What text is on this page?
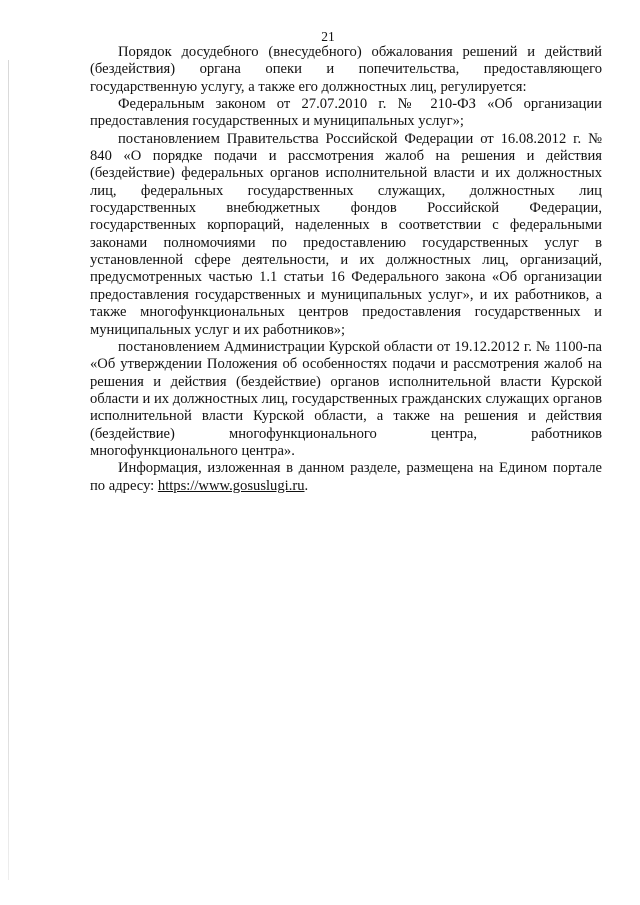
21

Порядок досудебного (внесудебного) обжалования решений и действий (бездействия) органа опеки и попечительства, предоставляющего государственную услугу, а также его должностных лиц, регулируется:

Федеральным законом от 27.07.2010 г. № 210-ФЗ «Об организации предоставления государственных и муниципальных услуг»;

постановлением Правительства Российской Федерации от 16.08.2012 г. № 840 «О порядке подачи и рассмотрения жалоб на решения и действия (бездействие) федеральных органов исполнительной власти и их должностных лиц, федеральных государственных служащих, должностных лиц государственных внебюджетных фондов Российской Федерации, государственных корпораций, наделенных в соответствии с федеральными законами полномочиями по предоставлению государственных услуг в установленной сфере деятельности, и их должностных лиц, организаций, предусмотренных частью 1.1 статьи 16 Федерального закона «Об организации предоставления государственных и муниципальных услуг», и их работников, а также многофункциональных центров предоставления государственных и муниципальных услуг и их работников»;

постановлением Администрации Курской области от 19.12.2012 г. № 1100-па «Об утверждении Положения об особенностях подачи и рассмотрения жалоб на решения и действия (бездействие) органов исполнительной власти Курской области и их должностных лиц, государственных гражданских служащих органов исполнительной власти Курской области, а также на решения и действия (бездействие) многофункционального центра, работников многофункционального центра».

Информация, изложенная в данном разделе, размещена на Едином портале по адресу: https://www.gosuslugi.ru.
